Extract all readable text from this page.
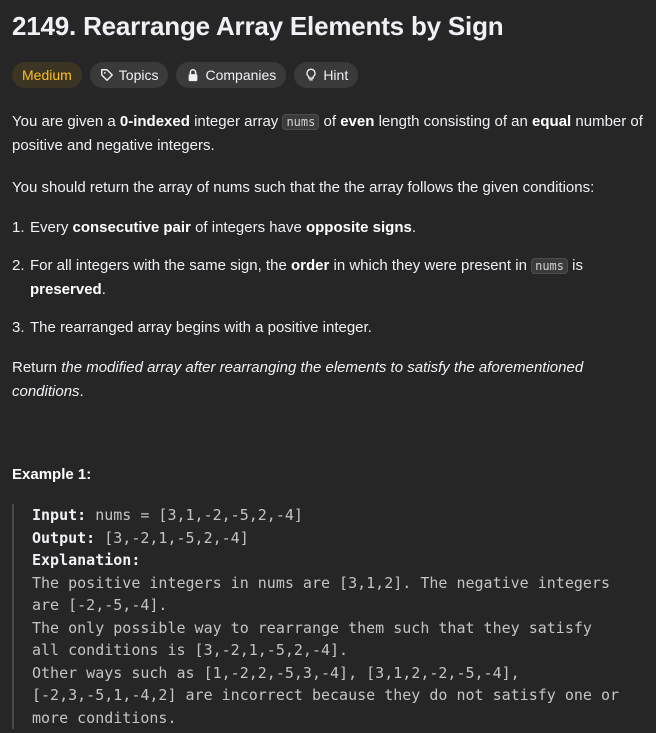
2149. Rearrange Array Elements by Sign
Medium	Topics	Companies	Hint

You are given a 0-indexed integer array nums of even length consisting of an equal number of positive and negative integers.

You should return the array of nums such that the the array follows the given conditions:

1. Every consecutive pair of integers have opposite signs.
2. For all integers with the same sign, the order in which they were present in nums is preserved.
3. The rearranged array begins with a positive integer.

Return the modified array after rearranging the elements to satisfy the aforementioned conditions.

Example 1:
Input: nums = [3,1,-2,-5,2,-4]
Output: [3,-2,1,-5,2,-4]
Explanation:
The positive integers in nums are [3,1,2]. The negative integers
are [-2,-5,-4].
The only possible way to rearrange them such that they satisfy
all conditions is [3,-2,1,-5,2,-4].
Other ways such as [1,-2,2,-5,3,-4], [3,1,2,-2,-5,-4],
[-2,3,-5,1,-4,2] are incorrect because they do not satisfy one or
more conditions.
